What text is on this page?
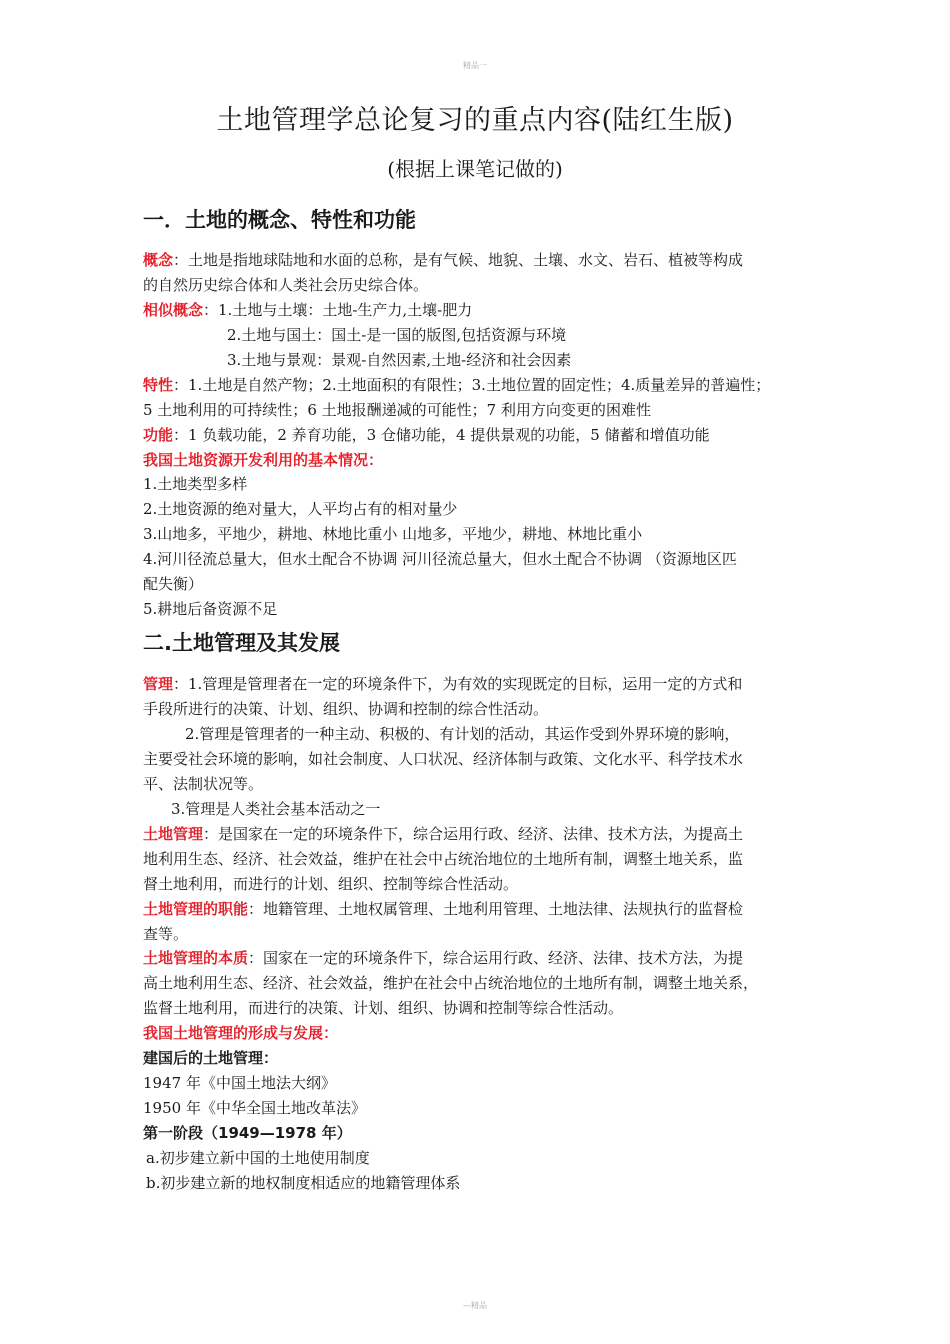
精品一
土地管理学总论复习的重点内容(陆红生版)
(根据上课笔记做的)
一．土地的概念、特性和功能
概念：土地是指地球陆地和水面的总称，是有气候、地貌、土壤、水文、岩石、植被等构成
的自然历史综合体和人类社会历史综合体。
相似概念：1.土地与土壤：土地-生产力,土壤-肥力
2.土地与国土：国土-是一国的版图,包括资源与环境
3.土地与景观：景观-自然因素,土地-经济和社会因素
特性：1.土地是自然产物；2.土地面积的有限性；3.土地位置的固定性；4.质量差异的普遍性；
5 土地利用的可持续性；6 土地报酬递减的可能性；7 利用方向变更的困难性
功能：1 负载功能，2 养育功能，3 仓储功能，4 提供景观的功能，5 储蓄和增值功能
我国土地资源开发利用的基本情况：
1.土地类型多样
2.土地资源的绝对量大，人平均占有的相对量少
3.山地多，平地少，耕地、林地比重小 山地多，平地少，耕地、林地比重小
4.河川径流总量大，但水土配合不协调 河川径流总量大，但水土配合不协调 （资源地区匹
配失衡）
5.耕地后备资源不足
二.土地管理及其发展
管理：1.管理是管理者在一定的环境条件下，为有效的实现既定的目标，运用一定的方式和
手段所进行的决策、计划、组织、协调和控制的综合性活动。
2.管理是管理者的一种主动、积极的、有计划的活动，其运作受到外界环境的影响，
主要受社会环境的影响，如社会制度、人口状况、经济体制与政策、文化水平、科学技术水
平、法制状况等。
3.管理是人类社会基本活动之一
土地管理：是国家在一定的环境条件下，综合运用行政、经济、法律、技术方法，为提高土
地利用生态、经济、社会效益，维护在社会中占统治地位的土地所有制，调整土地关系，监
督土地利用，而进行的计划、组织、控制等综合性活动。
土地管理的职能：地籍管理、土地权属管理、土地利用管理、土地法律、法规执行的监督检
查等。
土地管理的本质：国家在一定的环境条件下，综合运用行政、经济、法律、技术方法，为提
高土地利用生态、经济、社会效益，维护在社会中占统治地位的土地所有制，调整土地关系，
监督土地利用，而进行的决策、计划、组织、协调和控制等综合性活动。
我国土地管理的形成与发展：
建国后的土地管理：
1947 年《中国土地法大纲》
1950 年《中华全国土地改革法》
第一阶段（1949—1978 年）
a.初步建立新中国的土地使用制度
b.初步建立新的地权制度相适应的地籍管理体系
—精品
